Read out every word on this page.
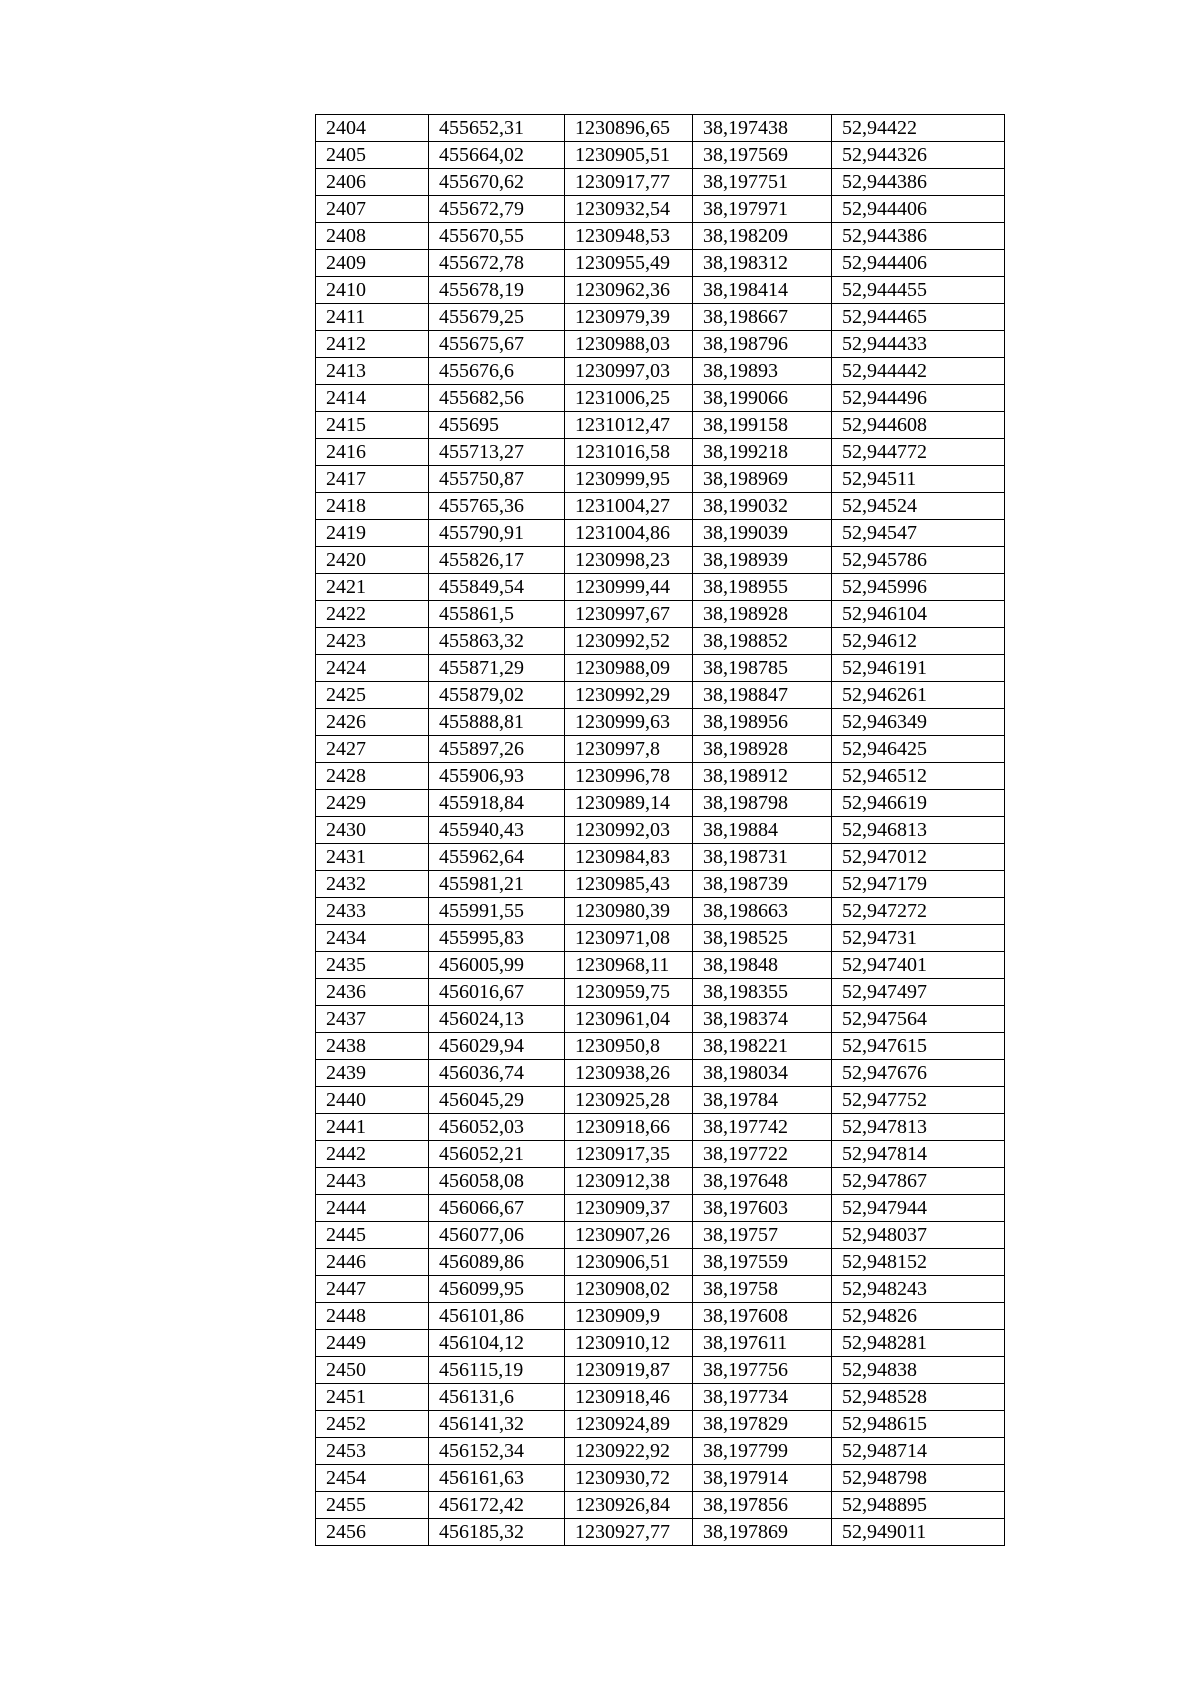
2404	455652,31	1230896,65	38,197438	52,94422
2405	455664,02	1230905,51	38,197569	52,944326
2406	455670,62	1230917,77	38,197751	52,944386
2407	455672,79	1230932,54	38,197971	52,944406
2408	455670,55	1230948,53	38,198209	52,944386
2409	455672,78	1230955,49	38,198312	52,944406
2410	455678,19	1230962,36	38,198414	52,944455
2411	455679,25	1230979,39	38,198667	52,944465
2412	455675,67	1230988,03	38,198796	52,944433
2413	455676,6	1230997,03	38,19893	52,944442
2414	455682,56	1231006,25	38,199066	52,944496
2415	455695	1231012,47	38,199158	52,944608
2416	455713,27	1231016,58	38,199218	52,944772
2417	455750,87	1230999,95	38,198969	52,94511
2418	455765,36	1231004,27	38,199032	52,94524
2419	455790,91	1231004,86	38,199039	52,94547
2420	455826,17	1230998,23	38,198939	52,945786
2421	455849,54	1230999,44	38,198955	52,945996
2422	455861,5	1230997,67	38,198928	52,946104
2423	455863,32	1230992,52	38,198852	52,94612
2424	455871,29	1230988,09	38,198785	52,946191
2425	455879,02	1230992,29	38,198847	52,946261
2426	455888,81	1230999,63	38,198956	52,946349
2427	455897,26	1230997,8	38,198928	52,946425
2428	455906,93	1230996,78	38,198912	52,946512
2429	455918,84	1230989,14	38,198798	52,946619
2430	455940,43	1230992,03	38,19884	52,946813
2431	455962,64	1230984,83	38,198731	52,947012
2432	455981,21	1230985,43	38,198739	52,947179
2433	455991,55	1230980,39	38,198663	52,947272
2434	455995,83	1230971,08	38,198525	52,94731
2435	456005,99	1230968,11	38,19848	52,947401
2436	456016,67	1230959,75	38,198355	52,947497
2437	456024,13	1230961,04	38,198374	52,947564
2438	456029,94	1230950,8	38,198221	52,947615
2439	456036,74	1230938,26	38,198034	52,947676
2440	456045,29	1230925,28	38,19784	52,947752
2441	456052,03	1230918,66	38,197742	52,947813
2442	456052,21	1230917,35	38,197722	52,947814
2443	456058,08	1230912,38	38,197648	52,947867
2444	456066,67	1230909,37	38,197603	52,947944
2445	456077,06	1230907,26	38,19757	52,948037
2446	456089,86	1230906,51	38,197559	52,948152
2447	456099,95	1230908,02	38,19758	52,948243
2448	456101,86	1230909,9	38,197608	52,94826
2449	456104,12	1230910,12	38,197611	52,948281
2450	456115,19	1230919,87	38,197756	52,94838
2451	456131,6	1230918,46	38,197734	52,948528
2452	456141,32	1230924,89	38,197829	52,948615
2453	456152,34	1230922,92	38,197799	52,948714
2454	456161,63	1230930,72	38,197914	52,948798
2455	456172,42	1230926,84	38,197856	52,948895
2456	456185,32	1230927,77	38,197869	52,949011
